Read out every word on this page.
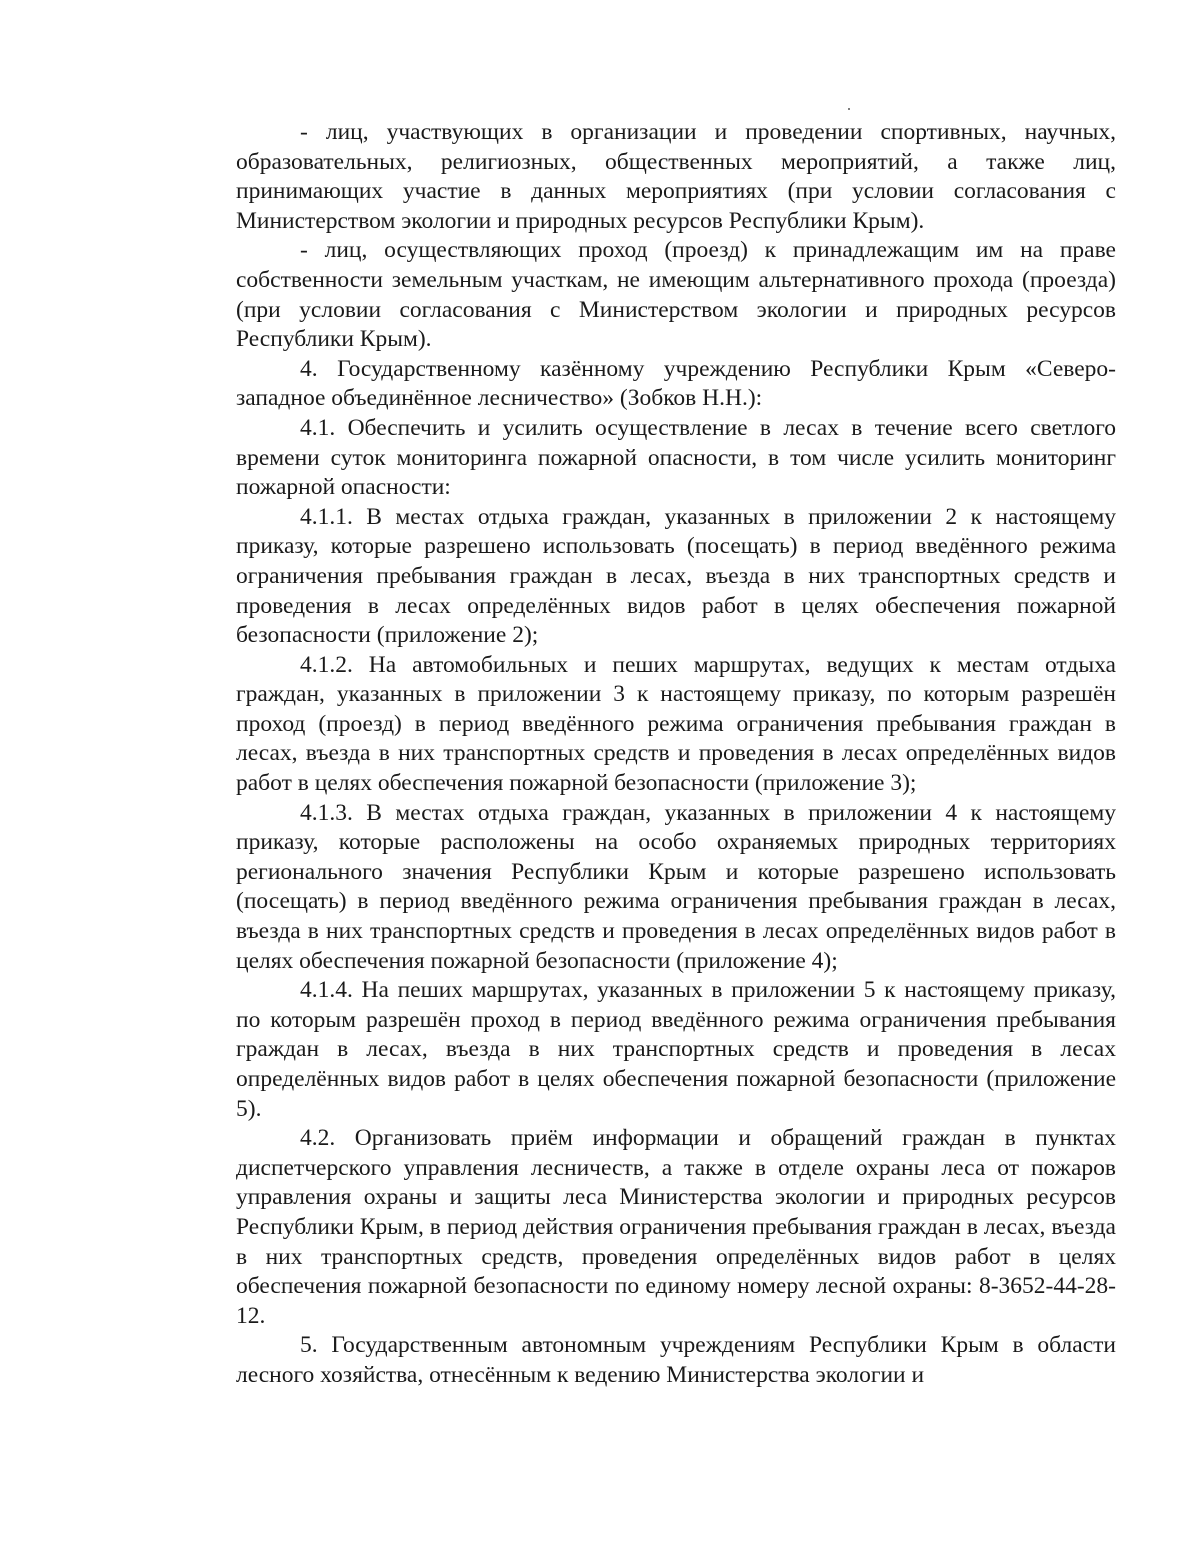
- лиц, участвующих в организации и проведении спортивных, научных, образовательных, религиозных, общественных мероприятий, а также лиц, принимающих участие в данных мероприятиях (при условии согласования с Министерством экологии и природных ресурсов Республики Крым).

- лиц, осуществляющих проход (проезд) к принадлежащим им на праве собственности земельным участкам, не имеющим альтернативного прохода (проезда) (при условии согласования с Министерством экологии и природных ресурсов Республики Крым).

4. Государственному казённому учреждению Республики Крым «Северо-западное объединённое лесничество» (Зобков Н.Н.):

4.1. Обеспечить и усилить осуществление в лесах в течение всего светлого времени суток мониторинга пожарной опасности, в том числе усилить мониторинг пожарной опасности:

4.1.1. В местах отдыха граждан, указанных в приложении 2 к настоящему приказу, которые разрешено использовать (посещать) в период введённого режима ограничения пребывания граждан в лесах, въезда в них транспортных средств и проведения в лесах определённых видов работ в целях обеспечения пожарной безопасности (приложение 2);

4.1.2. На автомобильных и пеших маршрутах, ведущих к местам отдыха граждан, указанных в приложении 3 к настоящему приказу, по которым разрешён проход (проезд) в период введённого режима ограничения пребывания граждан в лесах, въезда в них транспортных средств и проведения в лесах определённых видов работ в целях обеспечения пожарной безопасности (приложение 3);

4.1.3. В местах отдыха граждан, указанных в приложении 4 к настоящему приказу, которые расположены на особо охраняемых природных территориях регионального значения Республики Крым и которые разрешено использовать (посещать) в период введённого режима ограничения пребывания граждан в лесах, въезда в них транспортных средств и проведения в лесах определённых видов работ в целях обеспечения пожарной безопасности (приложение 4);

4.1.4. На пеших маршрутах, указанных в приложении 5 к настоящему приказу, по которым разрешён проход в период введённого режима ограничения пребывания граждан в лесах, въезда в них транспортных средств и проведения в лесах определённых видов работ в целях обеспечения пожарной безопасности (приложение 5).

4.2. Организовать приём информации и обращений граждан в пунктах диспетчерского управления лесничеств, а также в отделе охраны леса от пожаров управления охраны и защиты леса Министерства экологии и природных ресурсов Республики Крым, в период действия ограничения пребывания граждан в лесах, въезда в них транспортных средств, проведения определённых видов работ в целях обеспечения пожарной безопасности по единому номеру лесной охраны: 8-3652-44-28-12.

5. Государственным автономным учреждениям Республики Крым в области лесного хозяйства, отнесённым к ведению Министерства экологии и
